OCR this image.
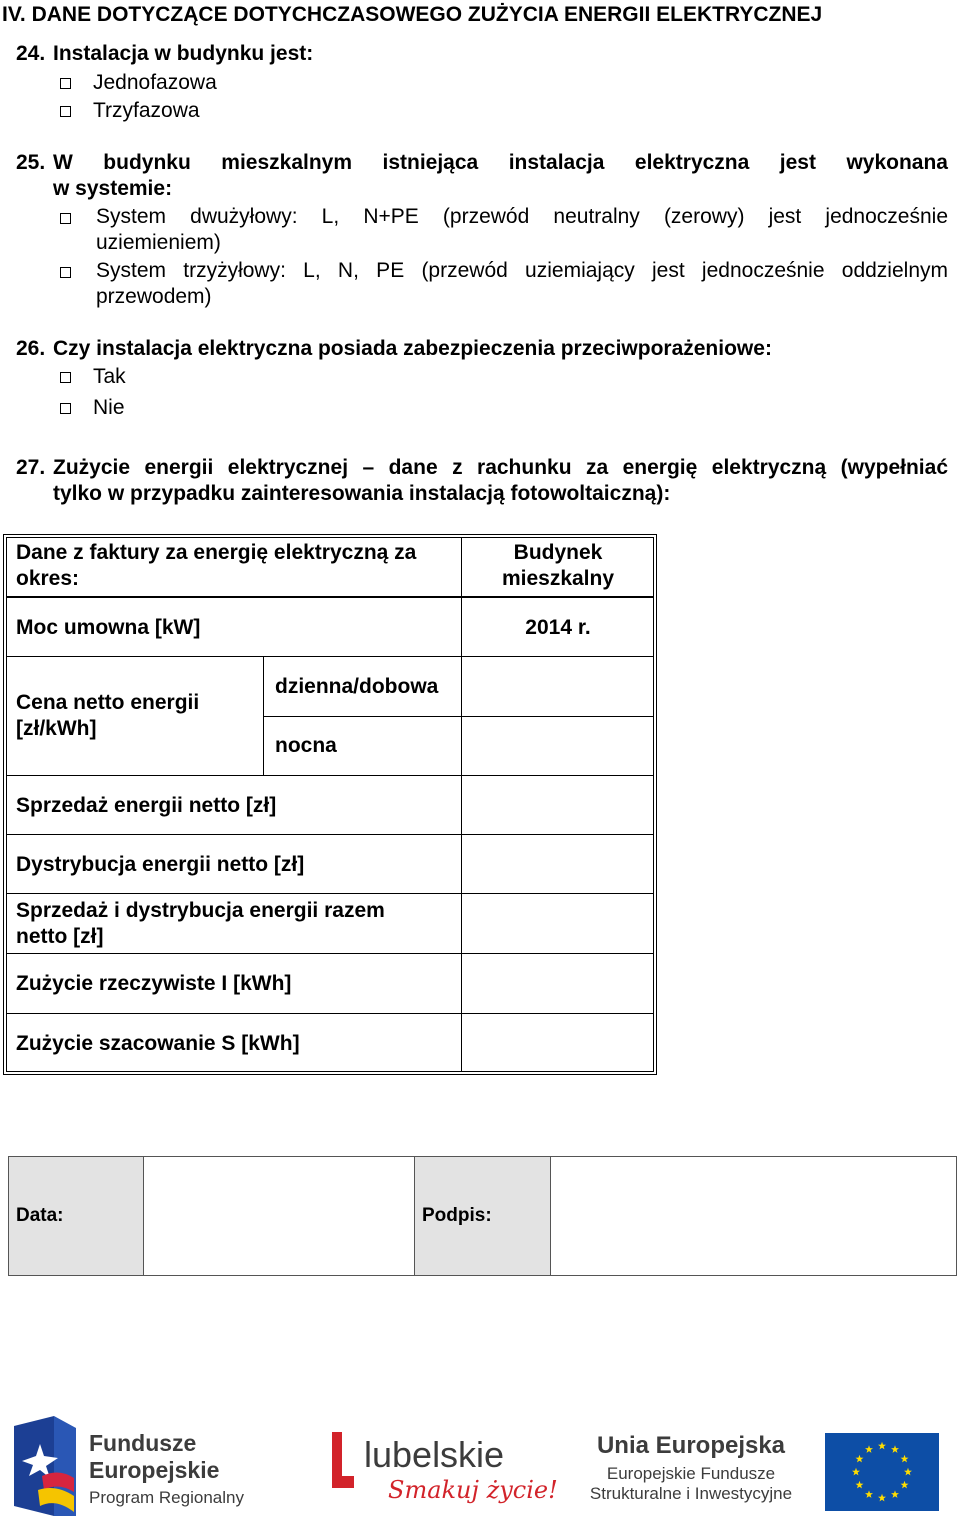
IV. DANE DOTYCZĄCE DOTYCHCZASOWEGO ZUŻYCIA ENERGII ELEKTRYCZNEJ
24. Instalacja w budynku jest:
Jednofazowa
Trzyfazowa
25. W budynku mieszkalnym istniejąca instalacja elektryczna jest wykonana
w systemie:
System dwużyłowy: L, N+PE (przewód neutralny (zerowy) jest jednocześnie
uziemieniem)
System trzyżyłowy: L, N, PE (przewód uziemiający jest jednocześnie oddzielnym
przewodem)
26. Czy instalacja elektryczna posiada zabezpieczenia przeciwporażeniowe:
Tak
Nie
27. Zużycie energii elektrycznej – dane z rachunku za energię elektryczną (wypełniać
tylko w przypadku zainteresowania instalacją fotowoltaiczną):
Dane z faktury za energię elektryczną za okres:
Budynek mieszkalny
Moc umowna [kW]	2014 r.
Cena netto energii [zł/kWh]
dzienna/dobowa
nocna
Sprzedaż energii netto [zł]
Dystrybucja energii netto [zł]
Sprzedaż i dystrybucja energii razem netto [zł]
Zużycie rzeczywiste I [kWh]
Zużycie szacowanie S [kWh]
Data:	Podpis:
Fundusze
Europejskie
Program Regionalny
lubelskie
Smakuj życie!
Unia Europejska
Europejskie Fundusze
Strukturalne i Inwestycyjne
